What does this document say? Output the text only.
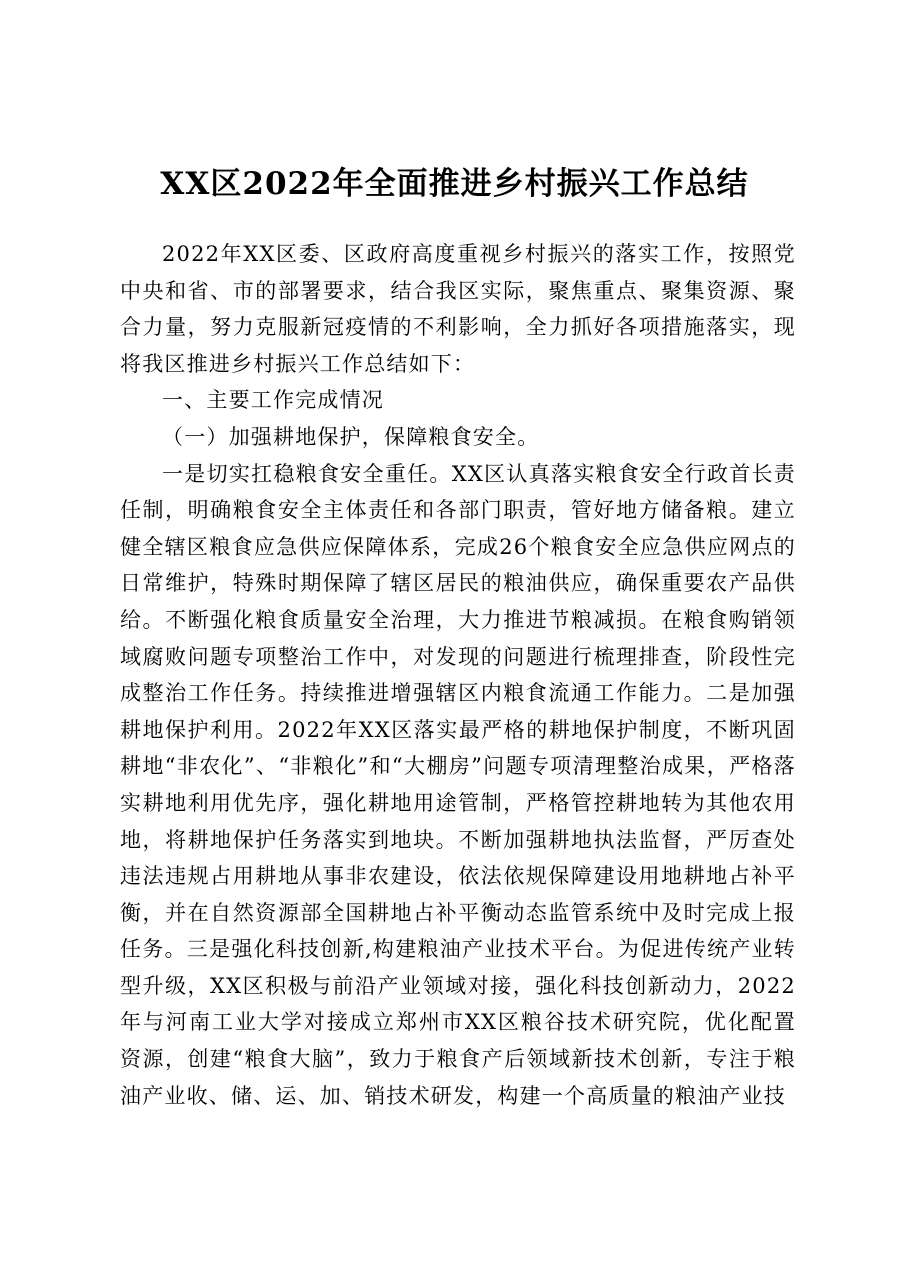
XX区2022年全面推进乡村振兴工作总结

2022年XX区委、区政府高度重视乡村振兴的落实工作，按照党中央和省、市的部署要求，结合我区实际，聚焦重点、聚集资源、聚合力量，努力克服新冠疫情的不利影响，全力抓好各项措施落实，现将我区推进乡村振兴工作总结如下：

一、主要工作完成情况

（一）加强耕地保护，保障粮食安全。

一是切实扛稳粮食安全重任。XX区认真落实粮食安全行政首长责任制，明确粮食安全主体责任和各部门职责，管好地方储备粮。建立健全辖区粮食应急供应保障体系，完成26个粮食安全应急供应网点的日常维护，特殊时期保障了辖区居民的粮油供应，确保重要农产品供给。不断强化粮食质量安全治理，大力推进节粮减损。在粮食购销领域腐败问题专项整治工作中，对发现的问题进行梳理排查，阶段性完成整治工作任务。持续推进增强辖区内粮食流通工作能力。二是加强耕地保护利用。2022年XX区落实最严格的耕地保护制度，不断巩固耕地“非农化”、“非粮化”和“大棚房”问题专项清理整治成果，严格落实耕地利用优先序，强化耕地用途管制，严格管控耕地转为其他农用地，将耕地保护任务落实到地块。不断加强耕地执法监督，严厉查处违法违规占用耕地从事非农建设，依法依规保障建设用地耕地占补平衡，并在自然资源部全国耕地占补平衡动态监管系统中及时完成上报任务。三是强化科技创新,构建粮油产业技术平台。为促进传统产业转型升级，XX区积极与前沿产业领域对接，强化科技创新动力，2022年与河南工业大学对接成立郑州市XX区粮谷技术研究院，优化配置资源，创建“粮食大脑”，致力于粮食产后领域新技术创新，专注于粮油产业收、储、运、加、销技术研发，构建一个高质量的粮油产业技
